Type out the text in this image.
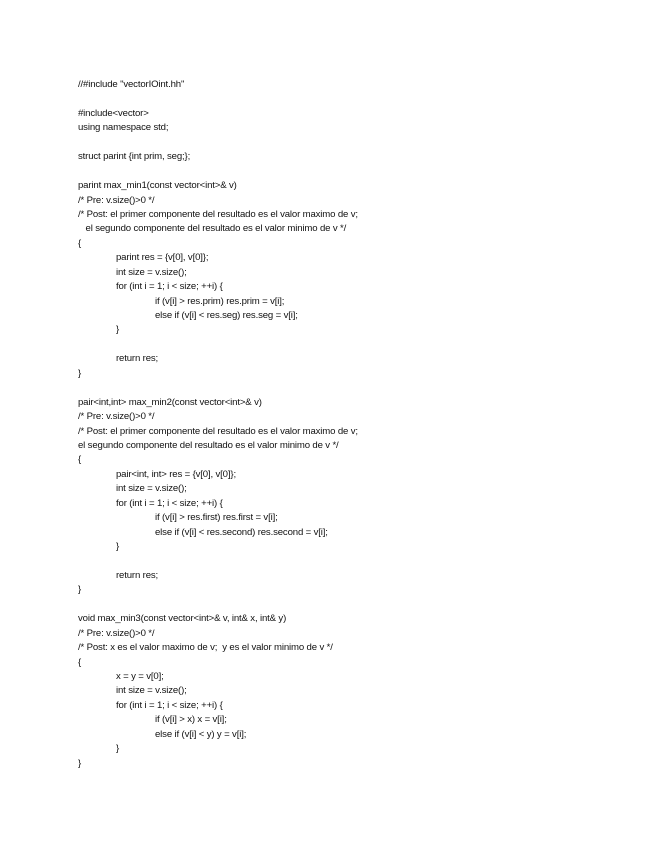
//#include "vectorIOint.hh"
#include<vector>
using namespace std;
struct parint {int prim, seg;};
parint max_min1(const vector<int>& v)
/* Pre: v.size()>0 */
/* Post: el primer componente del resultado es el valor maximo de v;
el segundo componente del resultado es el valor minimo de v */
{
parint res = {v[0], v[0]};
int size = v.size();
for (int i = 1; i < size; ++i) {
if (v[i] > res.prim) res.prim = v[i];
else if (v[i] < res.seg) res.seg = v[i];
}
return res;
}
pair<int,int> max_min2(const vector<int>& v)
/* Pre: v.size()>0 */
/* Post: el primer componente del resultado es el valor maximo de v;
el segundo componente del resultado es el valor minimo de v */
{
pair<int, int> res = {v[0], v[0]};
int size = v.size();
for (int i = 1; i < size; ++i) {
if (v[i] > res.first) res.first = v[i];
else if (v[i] < res.second) res.second = v[i];
}
return res;
}
void max_min3(const vector<int>& v, int& x, int& y)
/* Pre: v.size()>0 */
/* Post: x es el valor maximo de v;  y es el valor minimo de v */
{
x = y = v[0];
int size = v.size();
for (int i = 1; i < size; ++i) {
if (v[i] > x) x = v[i];
else if (v[i] < y) y = v[i];
}
}
